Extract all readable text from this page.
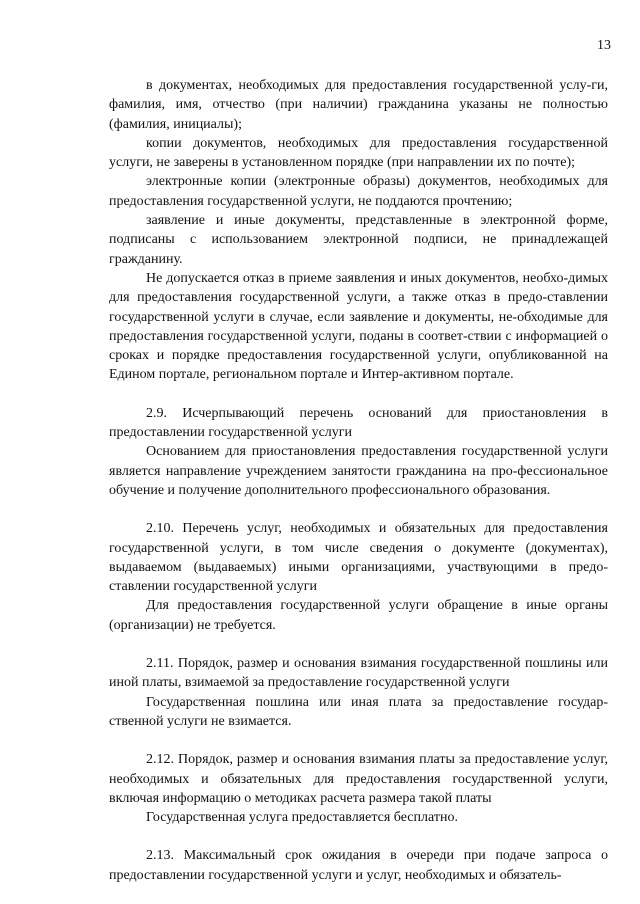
13

в документах, необходимых для предоставления государственной услу-ги, фамилия, имя, отчество (при наличии) гражданина указаны не полностью (фамилия, инициалы);

копии документов, необходимых для предоставления государственной услуги, не заверены в установленном порядке (при направлении их по почте);

электронные копии (электронные образы) документов, необходимых для предоставления государственной услуги, не поддаются прочтению;

заявление и иные документы, представленные в электронной форме, подписаны с использованием электронной подписи, не принадлежащей гражданину.

Не допускается отказ в приеме заявления и иных документов, необхо-димых для предоставления государственной услуги, а также отказ в предо-ставлении государственной услуги в случае, если заявление и документы, не-обходимые для предоставления государственной услуги, поданы в соответ-ствии с информацией о сроках и порядке предоставления государственной услуги, опубликованной на Едином портале, региональном портале и Интер-активном портале.

2.9. Исчерпывающий перечень оснований для приостановления в предоставлении государственной услуги

Основанием для приостановления предоставления государственной услуги является направление учреждением занятости гражданина на про-фессиональное обучение и получение дополнительного профессионального образования.

2.10. Перечень услуг, необходимых и обязательных для предоставления государственной услуги, в том числе сведения о документе (документах), выдаваемом (выдаваемых) иными организациями, участвующими в предо-ставлении государственной услуги

Для предоставления государственной услуги обращение в иные органы (организации) не требуется.

2.11. Порядок, размер и основания взимания государственной пошлины или иной платы, взимаемой за предоставление государственной услуги

Государственная пошлина или иная плата за предоставление государ-ственной услуги не взимается.

2.12. Порядок, размер и основания взимания платы за предоставление услуг, необходимых и обязательных для предоставления государственной услуги, включая информацию о методиках расчета размера такой платы

Государственная услуга предоставляется бесплатно.

2.13. Максимальный срок ожидания в очереди при подаче запроса о предоставлении государственной услуги и услуг, необходимых и обязатель-
